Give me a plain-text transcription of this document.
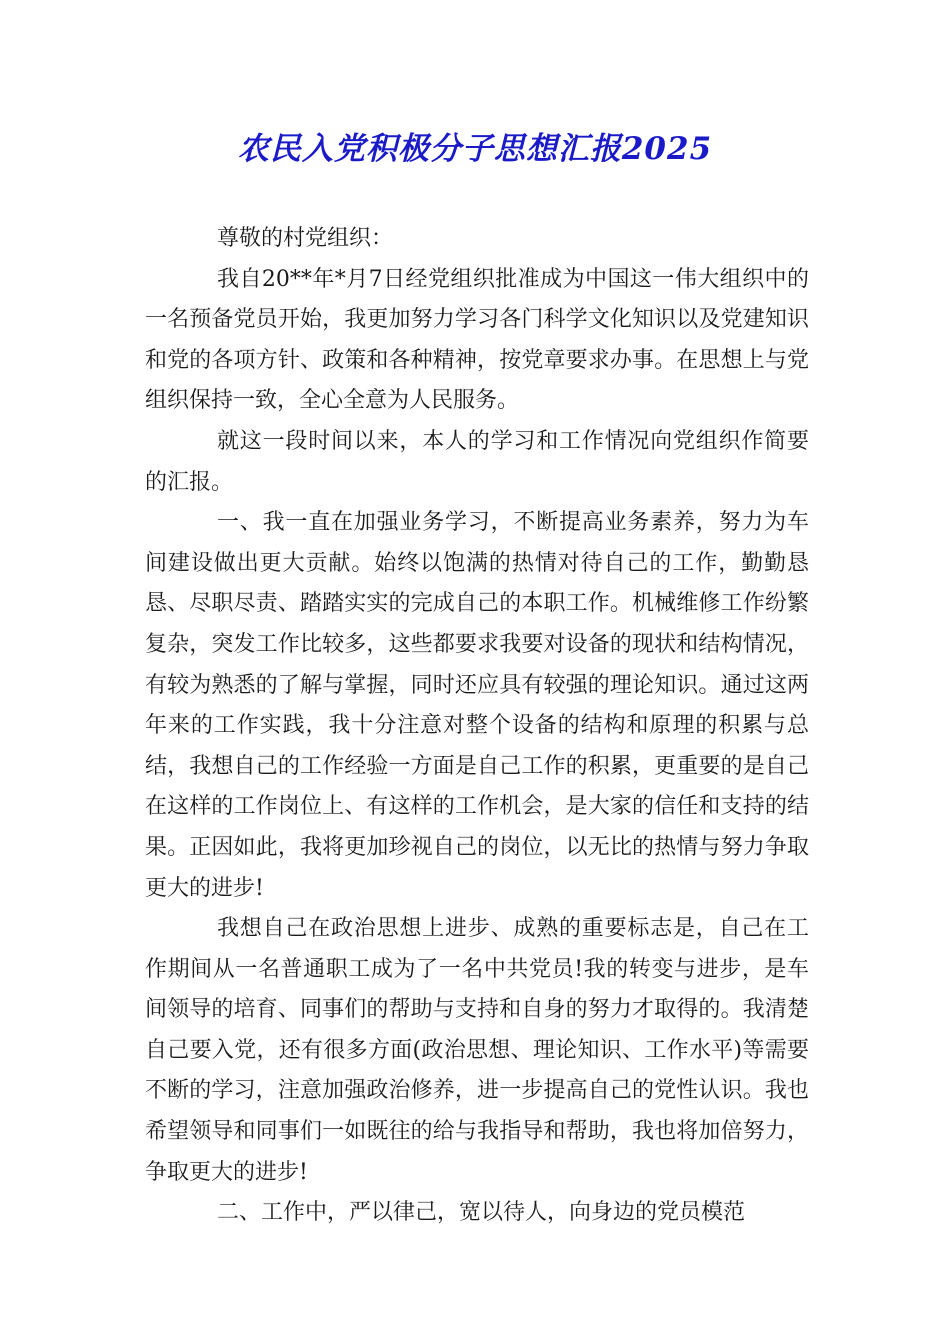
农民入党积极分子思想汇报2025

尊敬的村党组织：

我自20**年*月7日经党组织批准成为中国这一伟大组织中的一名预备党员开始，我更加努力学习各门科学文化知识以及党建知识和党的各项方针、政策和各种精神，按党章要求办事。在思想上与党组织保持一致，全心全意为人民服务。

就这一段时间以来，本人的学习和工作情况向党组织作简要的汇报。

一、我一直在加强业务学习，不断提高业务素养，努力为车间建设做出更大贡献。始终以饱满的热情对待自己的工作，勤勤恳恳、尽职尽责、踏踏实实的完成自己的本职工作。机械维修工作纷繁复杂，突发工作比较多，这些都要求我要对设备的现状和结构情况，有较为熟悉的了解与掌握，同时还应具有较强的理论知识。通过这两年来的工作实践，我十分注意对整个设备的结构和原理的积累与总结，我想自己的工作经验一方面是自己工作的积累，更重要的是自己在这样的工作岗位上、有这样的工作机会，是大家的信任和支持的结果。正因如此，我将更加珍视自己的岗位，以无比的热情与努力争取更大的进步!

我想自己在政治思想上进步、成熟的重要标志是，自己在工作期间从一名普通职工成为了一名中共党员!我的转变与进步，是车间领导的培育、同事们的帮助与支持和自身的努力才取得的。我清楚自己要入党，还有很多方面(政治思想、理论知识、工作水平)等需要不断的学习，注意加强政治修养，进一步提高自己的党性认识。我也希望领导和同事们一如既往的给与我指导和帮助，我也将加倍努力，争取更大的进步!

二、工作中，严以律己，宽以待人，向身边的党员模范
